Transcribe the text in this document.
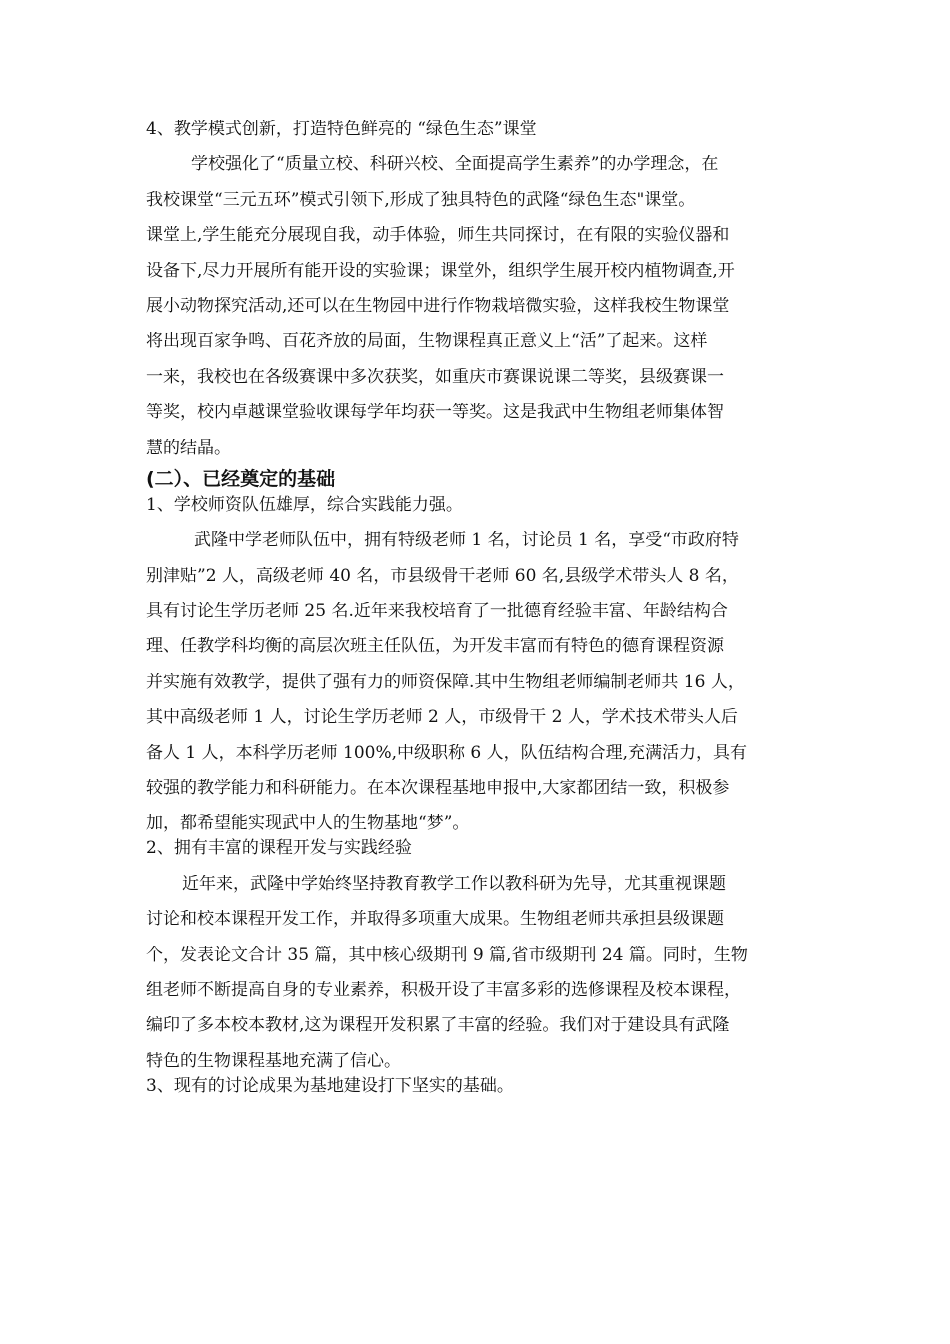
4、教学模式创新，打造特色鲜亮的 “绿色生态”课堂
学校强化了“质量立校、科研兴校、全面提高学生素养”的办学理念，在
我校课堂“三元五环”模式引领下,形成了独具特色的武隆“绿色生态"课堂。
课堂上,学生能充分展现自我，动手体验，师生共同探讨，在有限的实验仪器和
设备下,尽力开展所有能开设的实验课；课堂外，组织学生展开校内植物调查,开
展小动物探究活动,还可以在生物园中进行作物栽培微实验，这样我校生物课堂
将出现百家争鸣、百花齐放的局面，生物课程真正意义上“活”了起来。这样
一来，我校也在各级赛课中多次获奖，如重庆市赛课说课二等奖，县级赛课一
等奖，校内卓越课堂验收课每学年均获一等奖。这是我武中生物组老师集体智
慧的结晶。
(二）、已经奠定的基础
1、学校师资队伍雄厚，综合实践能力强。
武隆中学老师队伍中，拥有特级老师 1 名，讨论员 1 名，享受“市政府特
别津贴”2 人，高级老师 40 名，市县级骨干老师 60 名,县级学术带头人 8 名，
具有讨论生学历老师 25 名.近年来我校培育了一批德育经验丰富、年龄结构合
理、任教学科均衡的高层次班主任队伍，为开发丰富而有特色的德育课程资源
并实施有效教学，提供了强有力的师资保障.其中生物组老师编制老师共 16 人，
其中高级老师 1 人，讨论生学历老师 2 人，市级骨干 2 人，学术技术带头人后
备人 1 人，本科学历老师 100%,中级职称 6 人，队伍结构合理,充满活力，具有
较强的教学能力和科研能力。在本次课程基地申报中,大家都团结一致，积极参
加，都希望能实现武中人的生物基地“梦”。
2、拥有丰富的课程开发与实践经验
近年来，武隆中学始终坚持教育教学工作以教科研为先导，尤其重视课题
讨论和校本课程开发工作，并取得多项重大成果。生物组老师共承担县级课题
个，发表论文合计 35 篇，其中核心级期刊 9 篇,省市级期刊 24 篇。同时，生物
组老师不断提高自身的专业素养，积极开设了丰富多彩的选修课程及校本课程，
编印了多本校本教材,这为课程开发积累了丰富的经验。我们对于建设具有武隆
特色的生物课程基地充满了信心。
3、现有的讨论成果为基地建设打下坚实的基础。
